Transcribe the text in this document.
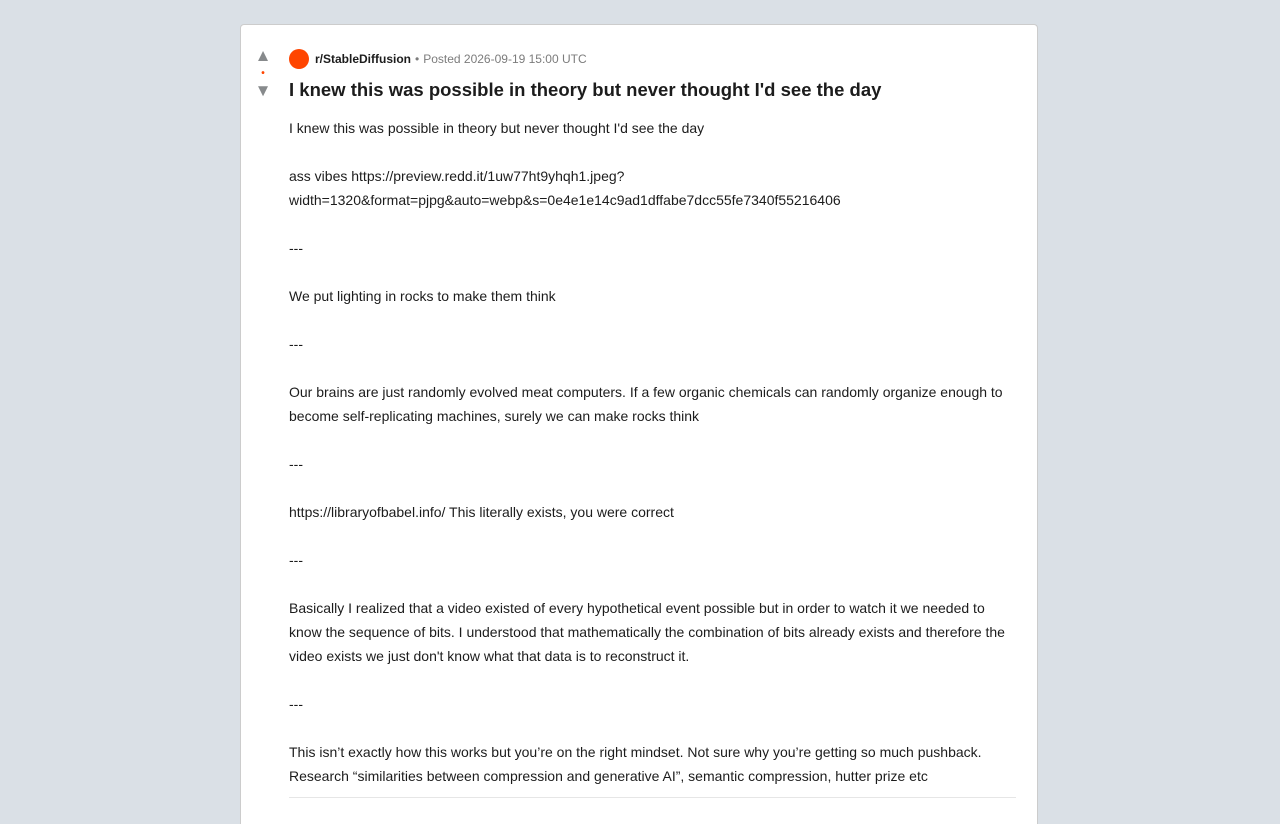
▲
•
▼
r/StableDiffusion • Posted 2026-09-19 15:00 UTC
I knew this was possible in theory but never thought I'd see the day

I knew this was possible in theory but never thought I'd see the day

ass vibes https://preview.redd.it/1uw77ht9yhqh1.jpeg?
width=1320&format=pjpg&auto=webp&s=0e4e1e14c9ad1dffabe7dcc55fe7340f55216406

---

We put lighting in rocks to make them think

---

Our brains are just randomly evolved meat computers. If a few organic chemicals can randomly organize enough to become self-replicating machines, surely we can make rocks think

---

https://libraryofbabel.info/ This literally exists, you were correct

---

Basically I realized that a video existed of every hypothetical event possible but in order to watch it we needed to know the sequence of bits. I understood that mathematically the combination of bits already exists and therefore the video exists we just don't know what that data is to reconstruct it.

---

This isn’t exactly how this works but you’re on the right mindset. Not sure why you’re getting so much pushback. Research “similarities between compression and generative AI”, semantic compression, hutter prize etc
